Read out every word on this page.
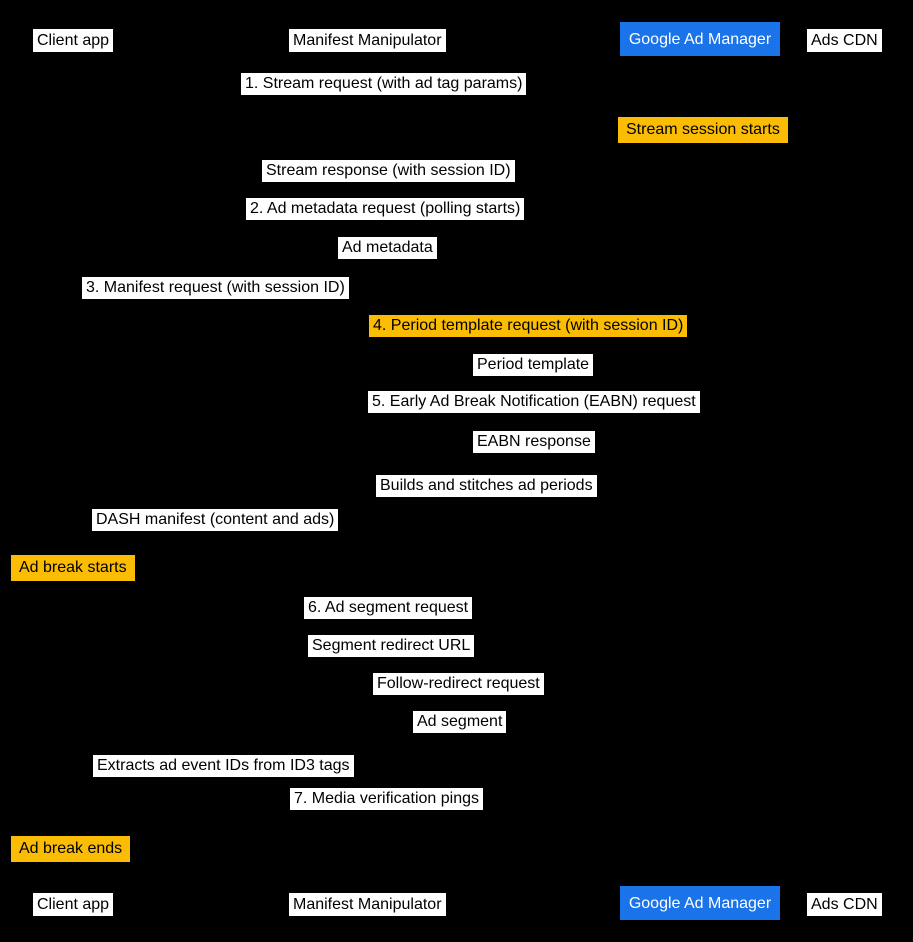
Client app	Manifest Manipulator	Google Ad Manager	Ads CDN
1. Stream request (with ad tag params)
Stream session starts
Stream response (with session ID)
2. Ad metadata request (polling starts)
Ad metadata
3. Manifest request (with session ID)
4. Period template request (with session ID)
Period template
5. Early Ad Break Notification (EABN) request
EABN response
Builds and stitches ad periods
DASH manifest (content and ads)
Ad break starts
6. Ad segment request
Segment redirect URL
Follow-redirect request
Ad segment
Extracts ad event IDs from ID3 tags
7. Media verification pings
Ad break ends
Client app	Manifest Manipulator	Google Ad Manager	Ads CDN
